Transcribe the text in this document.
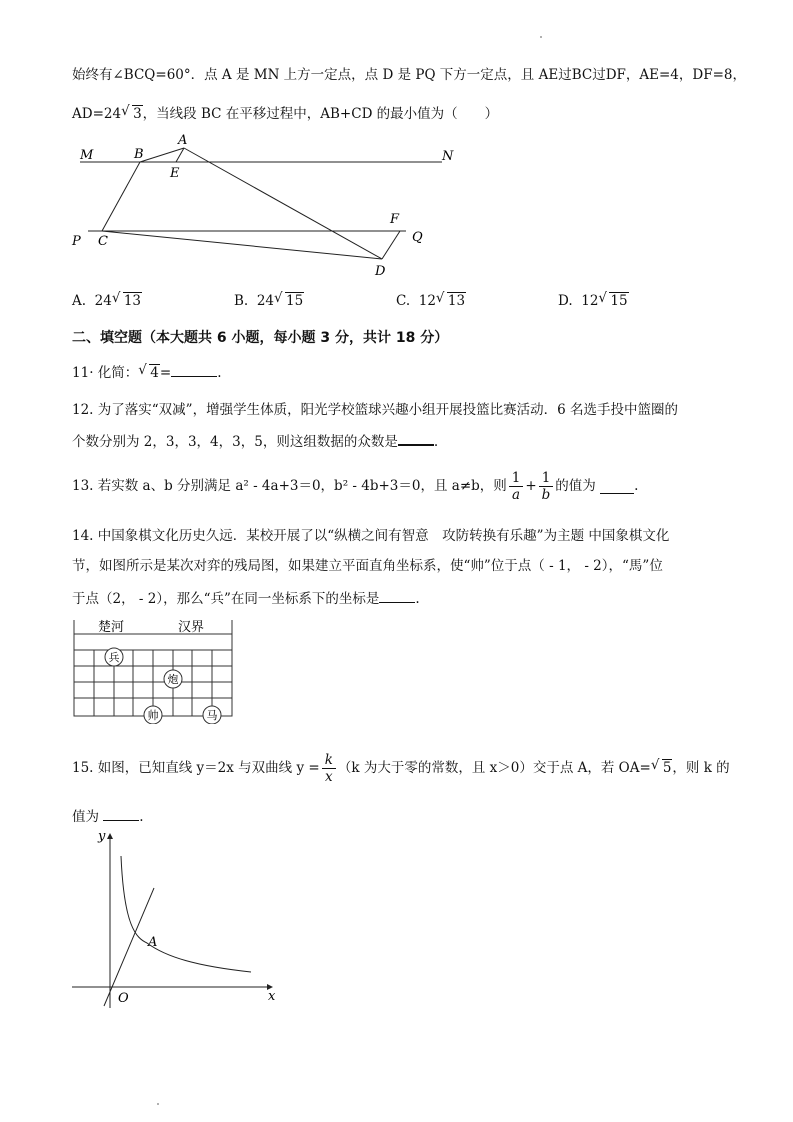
始终有∠BCQ=60°．点 A 是 MN 上方一定点，点 D 是 PQ 下方一定点，且 AE过BC过DF，AE=4，DF=8，
AD=24 √ 3，当线段 BC 在平移过程中，AB+CD 的最小值为（　　）
M	B
A
E
N
F
P C	Q
D
A. 24 √ 13	B. 24 √ 15	C. 12 √ 13	D. 12 √ 15
二、填空题（本大题共 6 小题，每小题 3 分，共计 18 分）
11· 化简： √ 4=	.
12. 为了落实“双减”，增强学生体质，阳光学校篮球兴趣小组开展投篮比赛活动．6 名选手投中篮圈的
个数分别为 2，3，3，4，3，5，则这组数据的众数是	.
13. 若实数 a、b 分别满足 a² - 4a+3＝0，b² - 4b+3＝0，且 a≠b，则 $\frac{1}{a} + \frac{1}{b}$ 的值为
	.
14. 中国象棋文化历史久远．某校开展了以“纵横之间有智意　攻防转换有乐趣”为主题 中国象棋文化
节，如图所示是某次对弈的残局图，如果建立平面直角坐标系，使“帅”位于点（ - 1， - 2），“馬”位
于点（2， - 2），那么“兵”在同一坐标系下的坐标是	.
楚河	汉界
兵
炮
帅	马
15. 如图，已知直线 y＝2x 与双曲线 $y = \frac{k}{x} (k$ 为大于零的常数，且 x＞0）交于点 A，若 OA= √ 5 ，则 k 的
值为	.
y
x
O
A
